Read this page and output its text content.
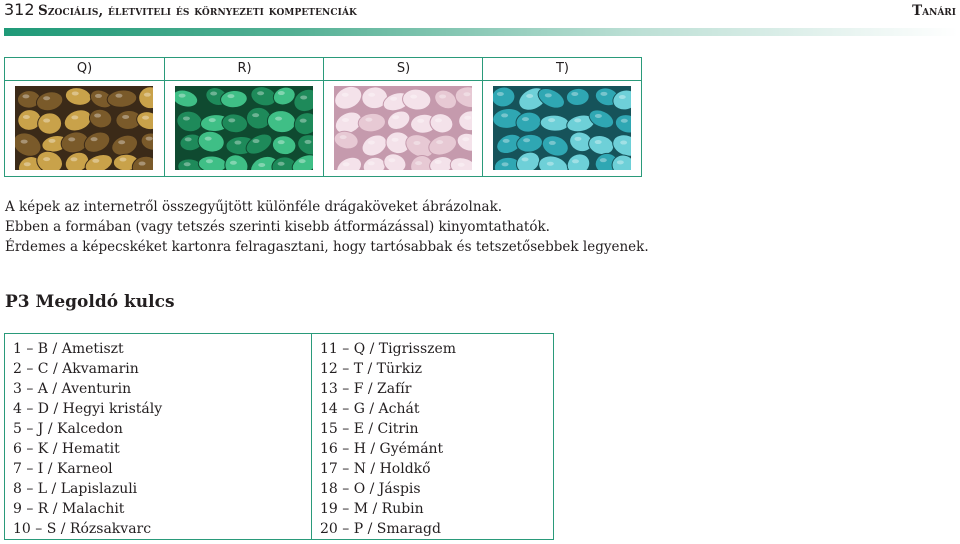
312 Szociális, életviteli és környezeti kompetenciák	Tanári
Q)	R)	S)	T)

A képek az internetről összegyűjtött különféle drágaköveket ábrázolnak.

Ebben a formában (vagy tetszés szerinti kisebb átformázással) kinyomtathatók.

Érdemes a képecskéket kartonra felragasztani, hogy tartósabbak és tetszetősebbek legyenek.

P3 Megoldó kulcs
1 – B / Ametiszt
2 – C / Akvamarin
3 – A / Aventurin
4 – D / Hegyi kristály
5 – J / Kalcedon
6 – K / Hematit
7 – I / Karneol
8 – L / Lapislazuli
9 – R / Malachit
10 – S / Rózsakvarc
11 – Q / Tigrisszem
12 – T / Türkiz
13 – F / Zafír
14 – G / Achát
15 – E / Citrin
16 – H / Gyémánt
17 – N / Holdkő
18 – O / Jáspis
19 – M / Rubin
20 – P / Smaragd
